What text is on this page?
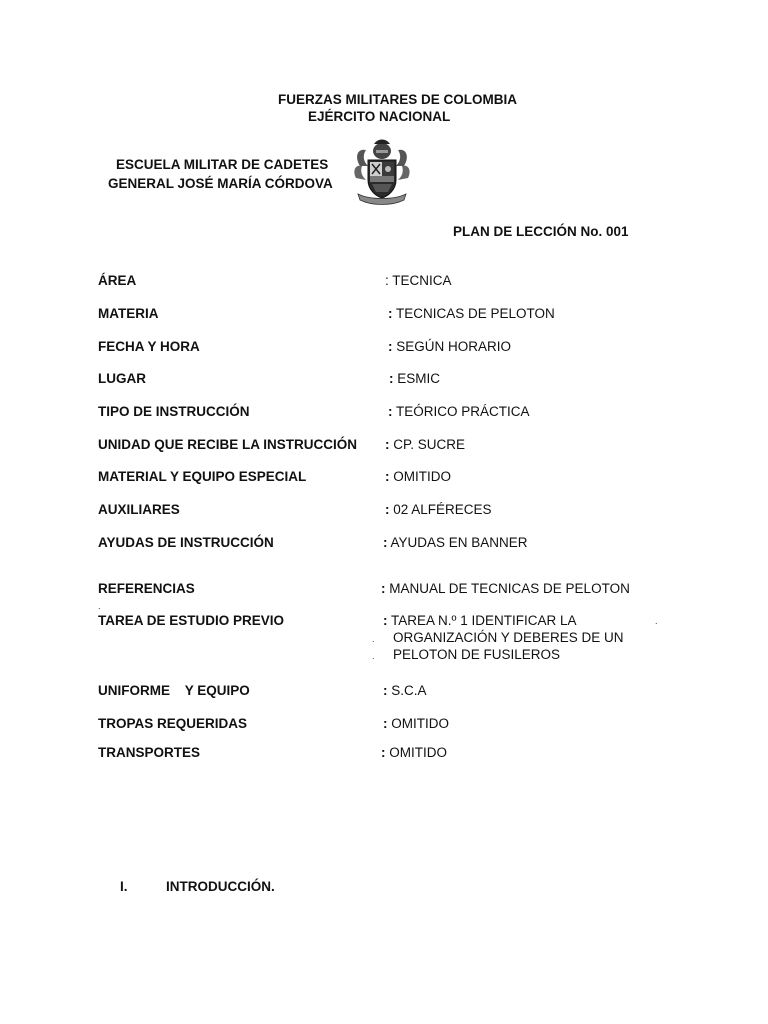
FUERZAS MILITARES DE COLOMBIA
EJÉRCITO NACIONAL
ESCUELA MILITAR DE CADETES
GENERAL JOSÉ MARÍA CÓRDOVA
PLAN DE LECCIÓN No. 001
ÁREA	: TECNICA
MATERIA	: TECNICAS DE PELOTON
FECHA Y HORA	: SEGÚN HORARIO
LUGAR	: ESMIC
TIPO DE INSTRUCCIÓN	: TEÓRICO PRÁCTICA
UNIDAD QUE RECIBE LA INSTRUCCIÓN : CP. SUCRE
MATERIAL Y EQUIPO ESPECIAL	: OMITIDO
AUXILIARES	: 02 ALFÉRECES
AYUDAS DE INSTRUCCIÓN	: AYUDAS EN BANNER
REFERENCIAS	: MANUAL DE TECNICAS DE PELOTON
.
TAREA DE ESTUDIO PREVIO	: TAREA N.º 1 IDENTIFICAR LA	.
. ORGANIZACIÓN Y DEBERES DE UN
. PELOTON DE FUSILEROS
UNIFORME    Y EQUIPO	: S.C.A
TROPAS REQUERIDAS	: OMITIDO
TRANSPORTES	: OMITIDO
I.	INTRODUCCIÓN.
